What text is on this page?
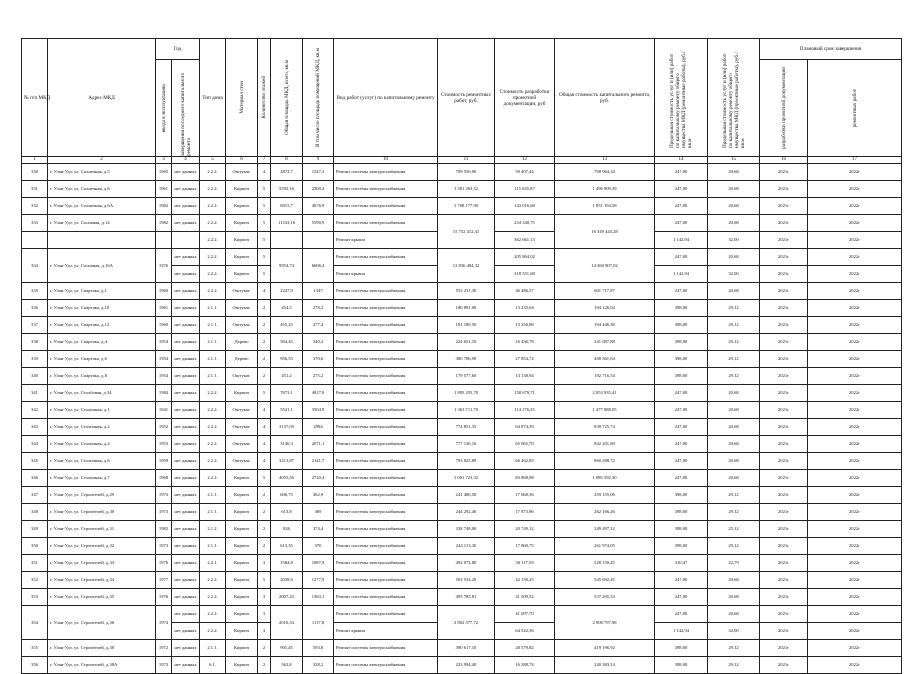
№ п/п МКД	Адрес МКД	Год		Тип дома	Материал стен	Количество этажей	Общая площадь МКД, всего, кв.м	В том числе площадь помещений МКД, кв.м	Вид работ (услуг) по капитальному ремонту	Стоимость ремонтных работ, руб.	Стоимость разработки проектной документации, руб	Общая стоимость капитального ремонта, руб.	Предельная стоимость услуг и (или) работ по капитальному ремонту общего имущества МКД (ремонтные работы), руб./кв.м	Предельная стоимость услуг и (или) работ по капитальному ремонту общего имущества МКД (проектные работы), руб./кв.м	Плановый срок завершения	

		ввода в эксплуатацию	завершения последнего капитального ремонта												разработки проектной документации	ремонтных работ

1	2	3	4	5	6	7	8	9	10	11	12	13	14	15	16	17
330	г. Улан-Удэ, ул. Солнечная, д.5	1965	нет данных	2.2.2.	Оштукат.	4	2872,7	1547,3	Ремонт системы электроснабжения	709 556,90	59 407,44	768 964,34	247,00	20,68	2021г	2022г
331	г. Улан-Удэ, ул. Солнечная, д.6	1961	нет данных	2.2.2.	Кирпич	5	5592,16	2300,4	Ремонт системы электроснабжения	1 381 263,52	115 645,87	1 496 909,39	247,00	20,68	2021г	2022г
332	г. Улан-Удэ, ул. Солнечная, д.6А	1982	нет данных	2.2.2.	Кирпич	5	6915,7	4676,9	Ремонт системы электроснабжения	1 708 177,90	143 016,68	1 851 194,58	247,00	20,68	2021г	2022г
333	г. Улан-Удэ, ул. Сосновая, д.14	1982	нет данных	2.2.2.	Кирпич	5	11333,16	5590,9	Ремонт системы электроснабжения	15 752 412,41	234 340,75	16 349 443,28	247,00	20,68	2021г	2022г
				2.2.2.	Кирпич	5			Ремонт крыши		362 661,13		1 142,94	32,00	2021г	2022г
334	г. Улан-Удэ, ул. Сосновая, д.16А	1976	нет данных	2.2.2.	Кирпич	5	9954,74	6606,4	Ремонт системы электроснабжения	13 836 494,32	205 864,02	14 360 907,02	247,00	20,68	2021г	2022г
			нет данных	2.2.2.	Кирпич	5			Ремонт крыши		318 551,68		1 142,94	32,00	2021г	2022г
335	г. Улан-Удэ, ул. Спартака, д.1	1960	нет данных	2.2.2.	Оштукат.	4	2247,9	1347	Ремонт системы электроснабжения	555 231,30	46 486,57	601 717,87	247,00	20,68	2021г	2022г
336	г. Улан-Удэ, ул. Спартака, д.10	1961	нет данных	2.1.1.	Оштукат.	2	454,5	278,2	Ремонт системы электроснабжения	180 891,00	13 235,04	194 126,04	398,00	29,12	2021г	2022г
337	г. Улан-Удэ, ул. Спартака, д.12	1960	нет данных	2.1.1.	Оштукат.	2	455,25	277,4	Ремонт системы электроснабжения	181 189,50	13 256,88	194 446,38	398,00	29,12	2021г	2022г
338	г. Улан-Удэ, ул. Спартака, д.4	1954	нет данных	2.1.1.	Дерево	2	564,45	340,2	Ремонт системы электроснабжения	224 651,10	16 436,78	241 087,88	398,00	29,12	2021г	2022г
339	г. Улан-Удэ, ул. Спартака, д.6	1954	нет данных	2.1.1.	Дерево	2	956,55	370,6	Ремонт системы электроснабжения	380 706,90	27 854,74	408 561,64	398,00	29,12	2021г	2022г
340	г. Улан-Удэ, ул. Спартака, д.8	1954	нет данных	2.1.1.	Оштукат.	2	451,2	275,2	Ремонт системы электроснабжения	179 577,60	13 138,94	192 716,54	398,00	29,12	2021г	2022г
341	г. Улан-Удэ, ул. Столбовая, д.34	1984	нет данных	2.2.2.	Кирпич	5	7673,1	4817,8	Ремонт системы электроснабжения	1 895 255,70	158 679,71	2 053 935,41	247,00	20,68	2021г	2022г
342	г. Улан-Удэ, ул. Столичная, д.1	1941	нет данных	2.2.2.	Оштукат.	4	5521,1	3504,9	Ремонт системы электроснабжения	1 363 711,70	114 176,35	1 477 888,05	247,00	20,68	2021г	2022г
343	г. Улан-Удэ, ул. Столичная, д.2	1952	нет данных	2.2.2.	Оштукат.	4	3137,05	2994	Ремонт системы электроснабжения	774 851,35	64 874,39	839 725,74	247,00	20,68	2021г	2022г
344	г. Улан-Удэ, ул. Столичная, д.4	1953	нет данных	2.2.2.	Оштукат.	4	3146,3	2071,1	Ремонт системы электроснабжения	777 136,10	65 065,70	842 201,80	247,00	20,68	2021г	2022г
345	г. Улан-Удэ, ул. Столичная, д.6	1959	нет данных	2.2.2.	Оштукат.	4	3213,87	2141,7	Ремонт системы электроснабжения	793 825,89	66 462,83	860 288,72	247,00	20,68	2021г	2022г
346	г. Улан-Удэ, ул. Столичная, д.7	1968	нет данных	2.2.2.	Кирпич	5	4055,56	2720,4	Ремонт системы электроснабжения	1 001 723,32	83 868,98	1 085 592,30	247,00	20,68	2021г	2022г
347	г. Улан-Удэ, ул. Строителей, д.29	1973	нет данных	2.1.1.	Кирпич	2	606,75	362,9	Ремонт системы электроснабжения	241 486,50	17 668,56	259 155,06	398,00	29,12	2021г	2022г
348	г. Улан-Удэ, ул. Строителей, д.30	1973	нет данных	2.1.1.	Кирпич	2	613,8	369	Ремонт системы электроснабжения	244 292,40	17 873,86	262 166,26	398,00	29,12	2021г	2022г
349	г. Улан-Удэ, ул. Строителей, д.31	1982	нет данных	2.1.2.	Кирпич	2	826	374,4	Ремонт системы электроснабжения	328 748,00	20 749,12	349 497,12	398,00	25,12	2021г	2022г
350	г. Улан-Удэ, ул. Строителей, д.32	1973	нет данных	2.1.1.	Кирпич	2	613,35	370	Ремонт системы электроснабжения	244 113,30	17 860,75	261 974,05	398,00	29,12	2021г	2022г
351	г. Улан-Удэ, ул. Строителей, д.33	1976	нет данных	2.2.1.	Кирпич	3	1584,8	1087,9	Ремонт системы электроснабжения	492 072,80	36 117,59	528 150,45	310,47	22,79	2021г	2022г
352	г. Улан-Удэ, ул. Строителей, д.34	1977	нет данных	2.2.2.	Кирпич	5	2038,6	1277,9	Ремонт системы электроснабжения	503 534,20	42 158,25	545 692,45	247,00	20,68	2021г	2022г
353	г. Улан-Удэ, ул. Строителей, д.35	1976	нет данных	2.2.2.	Кирпич	3	2007,23	1363,1	Ремонт системы электроснабжения	495 785,81	41 509,52	537 295,33	247,00	20,68	2021г	2022г
354	г. Улан-Удэ, ул. Строителей, д.36	1974	нет данных	2.2.2.	Кирпич	3	2016,33	1117,8	Ремонт системы электроснабжения	2 802 577,72	41 697,70	2 908 797,98	247,00	20,68	2021г	2022г
			нет данных	2.2.2.	Кирпич	3			Ремонт крыши		64 522,56		1 142,94	32,00	2021г	2022г
355	г. Улан-Удэ, ул. Строителей, д.38	1972	нет данных	2.1.1.	Кирпич	2	901,45	593,8	Ремонт системы электроснабжения	390 617,10	28 579,82	419 196,92	398,00	29,12	2021г	2022г
356	г. Улан-Удэ, ул. Строителей, д.38А	1973	нет данных	6.1.	Кирпич	2	562,8	328,2	Ремонт системы электроснабжения	223 994,40	16 388,74	240 383,14	398,00	29,12	2021г	2022г
